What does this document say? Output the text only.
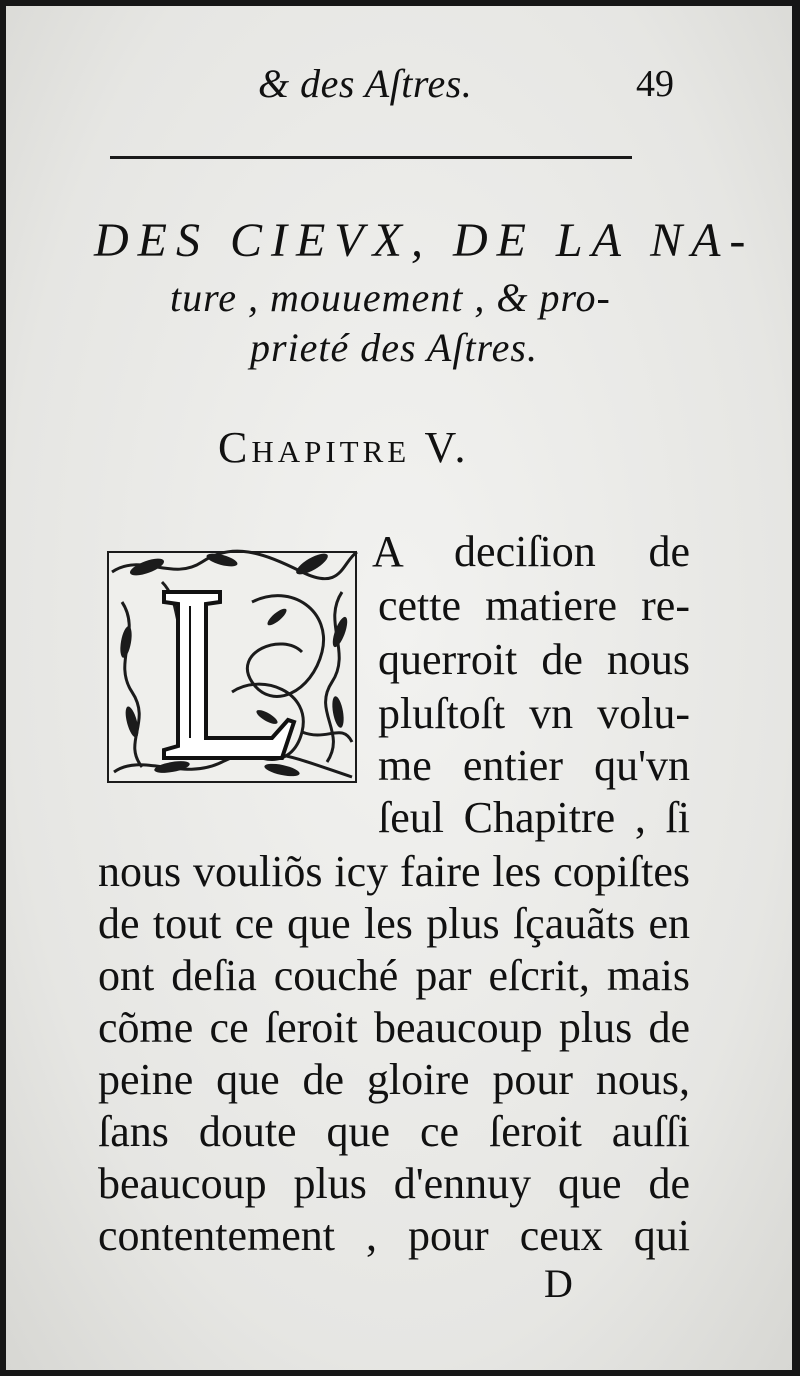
& des Aſtres.	49
DES CIEVX, DE LA NA-
ture , mouuement , & pro-
prieté des Aſtres.
Chapitre V.
A deciſion de
cette matiere re-
querroit de nous
pluſtoſt vn volu-
me entier qu'vn
ſeul Chapitre , ſi
nous vouliõs icy faire les copiſtes
de tout ce que les plus ſçauãts en
ont deſia couché par eſcrit, mais
cõme ce ſeroit beaucoup plus de
peine que de gloire pour nous,
ſans doute que ce ſeroit auſſi
beaucoup plus d'ennuy que de
contentement , pour ceux qui
D
